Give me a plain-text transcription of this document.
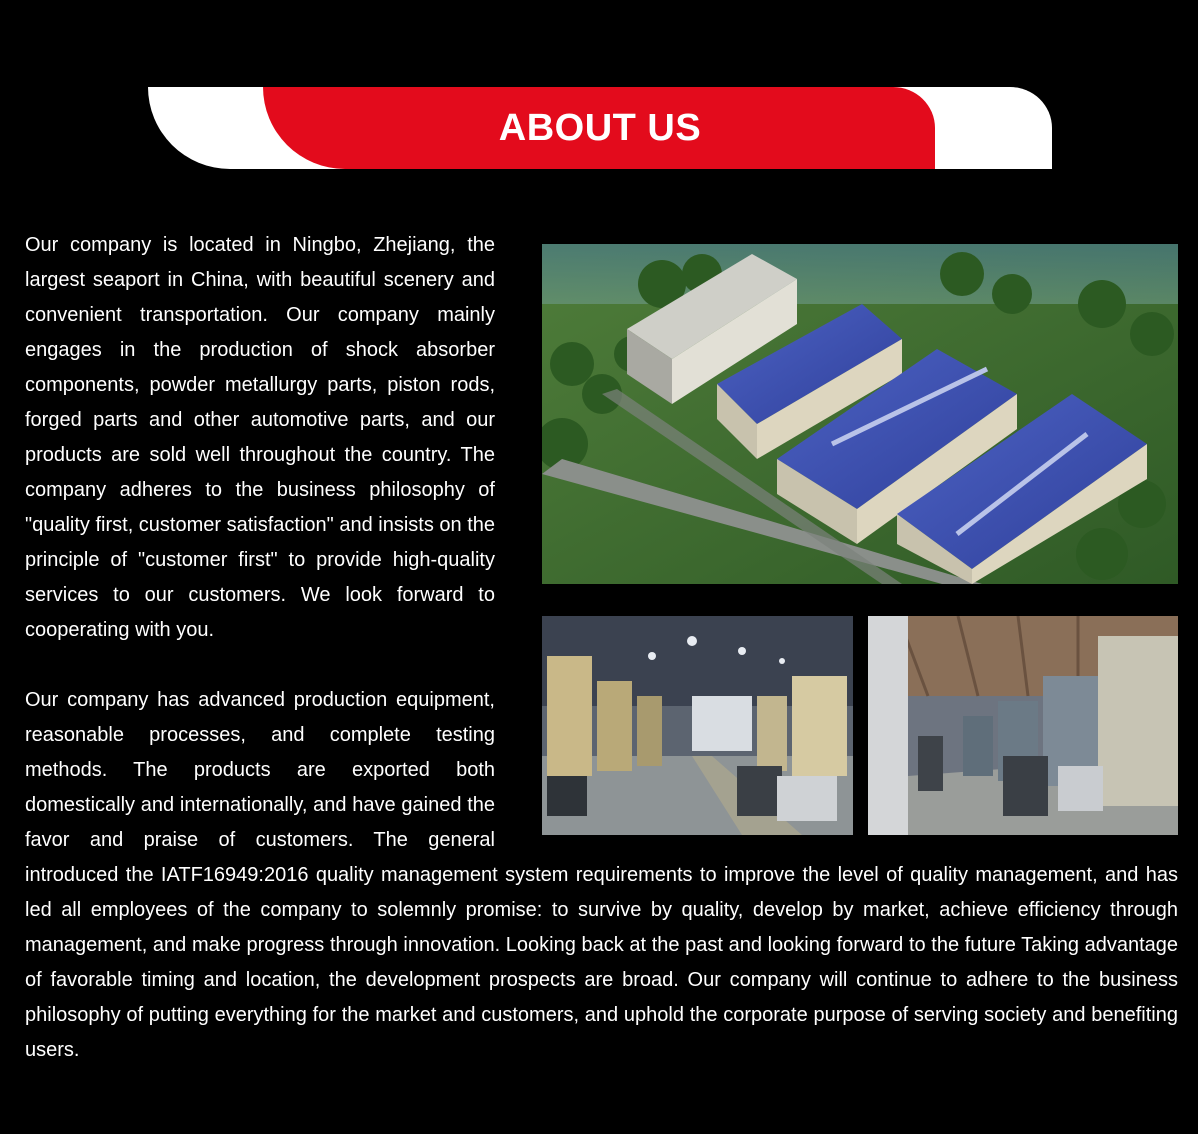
ABOUT US

Our company is located in Ningbo, Zhejiang, the largest seaport in China, with beautiful scenery and convenient transportation. Our company mainly engages in the production of shock absorber components, powder metallurgy parts, piston rods, forged parts and other automotive parts, and our products are sold well throughout the country. The company adheres to the business philosophy of "quality first, customer satisfaction" and insists on the principle of "customer first" to provide high-quality services to our customers. We look forward to cooperating with you.

Our company has advanced production equipment, reasonable processes, and complete testing methods. The products are exported both domestically and internationally, and have gained the favor and praise of customers. The general introduced the IATF16949:2016 quality management system requirements to improve the level of quality management, and has led all employees of the company to solemnly promise: to survive by quality, develop by market, achieve efficiency through management, and make progress through innovation. Looking back at the past and looking forward to the future Taking advantage of favorable timing and location, the development prospects are broad. Our company will continue to adhere to the business philosophy of putting everything for the market and customers, and uphold the corporate purpose of serving society and benefiting users.
